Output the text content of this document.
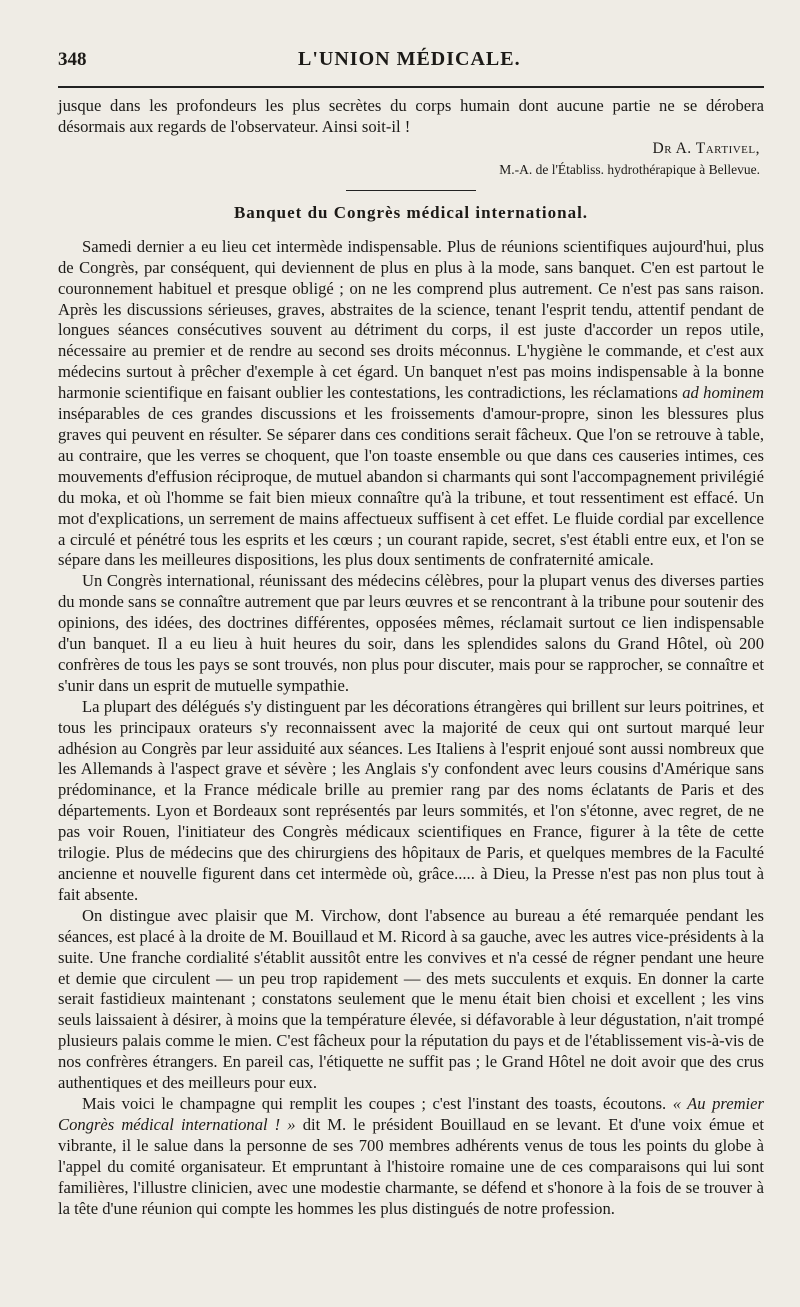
348	L'UNION MÉDICALE.

jusque dans les profondeurs les plus secrètes du corps humain dont aucune partie ne se dérobera désormais aux regards de l'observateur. Ainsi soit-il !

Dr A. Tartivel,
M.-A. de l'Établiss. hydrothérapique à Bellevue.
Banquet du Congrès médical international.

Samedi dernier a eu lieu cet intermède indispensable. Plus de réunions scientifiques aujourd'hui, plus de Congrès, par conséquent, qui deviennent de plus en plus à la mode, sans banquet. C'en est partout le couronnement habituel et presque obligé ; on ne les comprend plus autrement. Ce n'est pas sans raison. Après les discussions sérieuses, graves, abstraites de la science, tenant l'esprit tendu, attentif pendant de longues séances consécutives souvent au détriment du corps, il est juste d'accorder un repos utile, nécessaire au premier et de rendre au second ses droits méconnus. L'hygiène le commande, et c'est aux médecins surtout à prêcher d'exemple à cet égard. Un banquet n'est pas moins indispensable à la bonne harmonie scientifique en faisant oublier les contestations, les contradictions, les réclamations ad hominem inséparables de ces grandes discussions et les froissements d'amour-propre, sinon les blessures plus graves qui peuvent en résulter. Se séparer dans ces conditions serait fâcheux. Que l'on se retrouve à table, au contraire, que les verres se choquent, que l'on toaste ensemble ou que dans ces causeries intimes, ces mouvements d'effusion réciproque, de mutuel abandon si charmants qui sont l'accompagnement privilégié du moka, et où l'homme se fait bien mieux connaître qu'à la tribune, et tout ressentiment est effacé. Un mot d'explications, un serrement de mains affectueux suffisent à cet effet. Le fluide cordial par excellence a circulé et pénétré tous les esprits et les cœurs ; un courant rapide, secret, s'est établi entre eux, et l'on se sépare dans les meilleures dispositions, les plus doux sentiments de confraternité amicale.

Un Congrès international, réunissant des médecins célèbres, pour la plupart venus des diverses parties du monde sans se connaître autrement que par leurs œuvres et se rencontrant à la tribune pour soutenir des opinions, des idées, des doctrines différentes, opposées mêmes, réclamait surtout ce lien indispensable d'un banquet. Il a eu lieu à huit heures du soir, dans les splendides salons du Grand Hôtel, où 200 confrères de tous les pays se sont trouvés, non plus pour discuter, mais pour se rapprocher, se connaître et s'unir dans un esprit de mutuelle sympathie.

La plupart des délégués s'y distinguent par les décorations étrangères qui brillent sur leurs poitrines, et tous les principaux orateurs s'y reconnaissent avec la majorité de ceux qui ont surtout marqué leur adhésion au Congrès par leur assiduité aux séances. Les Italiens à l'esprit enjoué sont aussi nombreux que les Allemands à l'aspect grave et sévère ; les Anglais s'y confondent avec leurs cousins d'Amérique sans prédominance, et la France médicale brille au premier rang par des noms éclatants de Paris et des départements. Lyon et Bordeaux sont représentés par leurs sommités, et l'on s'étonne, avec regret, de ne pas voir Rouen, l'initiateur des Congrès médicaux scientifiques en France, figurer à la tête de cette trilogie. Plus de médecins que des chirurgiens des hôpitaux de Paris, et quelques membres de la Faculté ancienne et nouvelle figurent dans cet intermède où, grâce..... à Dieu, la Presse n'est pas non plus tout à fait absente.

On distingue avec plaisir que M. Virchow, dont l'absence au bureau a été remarquée pendant les séances, est placé à la droite de M. Bouillaud et M. Ricord à sa gauche, avec les autres vice-présidents à la suite. Une franche cordialité s'établit aussitôt entre les convives et n'a cessé de régner pendant une heure et demie que circulent — un peu trop rapidement — des mets succulents et exquis. En donner la carte serait fastidieux maintenant ; constatons seulement que le menu était bien choisi et excellent ; les vins seuls laissaient à désirer, à moins que la température élevée, si défavorable à leur dégustation, n'ait trompé plusieurs palais comme le mien. C'est fâcheux pour la réputation du pays et de l'établissement vis-à-vis de nos confrères étrangers. En pareil cas, l'étiquette ne suffit pas ; le Grand Hôtel ne doit avoir que des crus authentiques et des meilleurs pour eux.

Mais voici le champagne qui remplit les coupes ; c'est l'instant des toasts, écoutons. « Au premier Congrès médical international ! » dit M. le président Bouillaud en se levant. Et d'une voix émue et vibrante, il le salue dans la personne de ses 700 membres adhérents venus de tous les points du globe à l'appel du comité organisateur. Et empruntant à l'histoire romaine une de ces comparaisons qui lui sont familières, l'illustre clinicien, avec une modestie charmante, se défend et s'honore à la fois de se trouver à la tête d'une réunion qui compte les hommes les plus distingués de notre profession.
